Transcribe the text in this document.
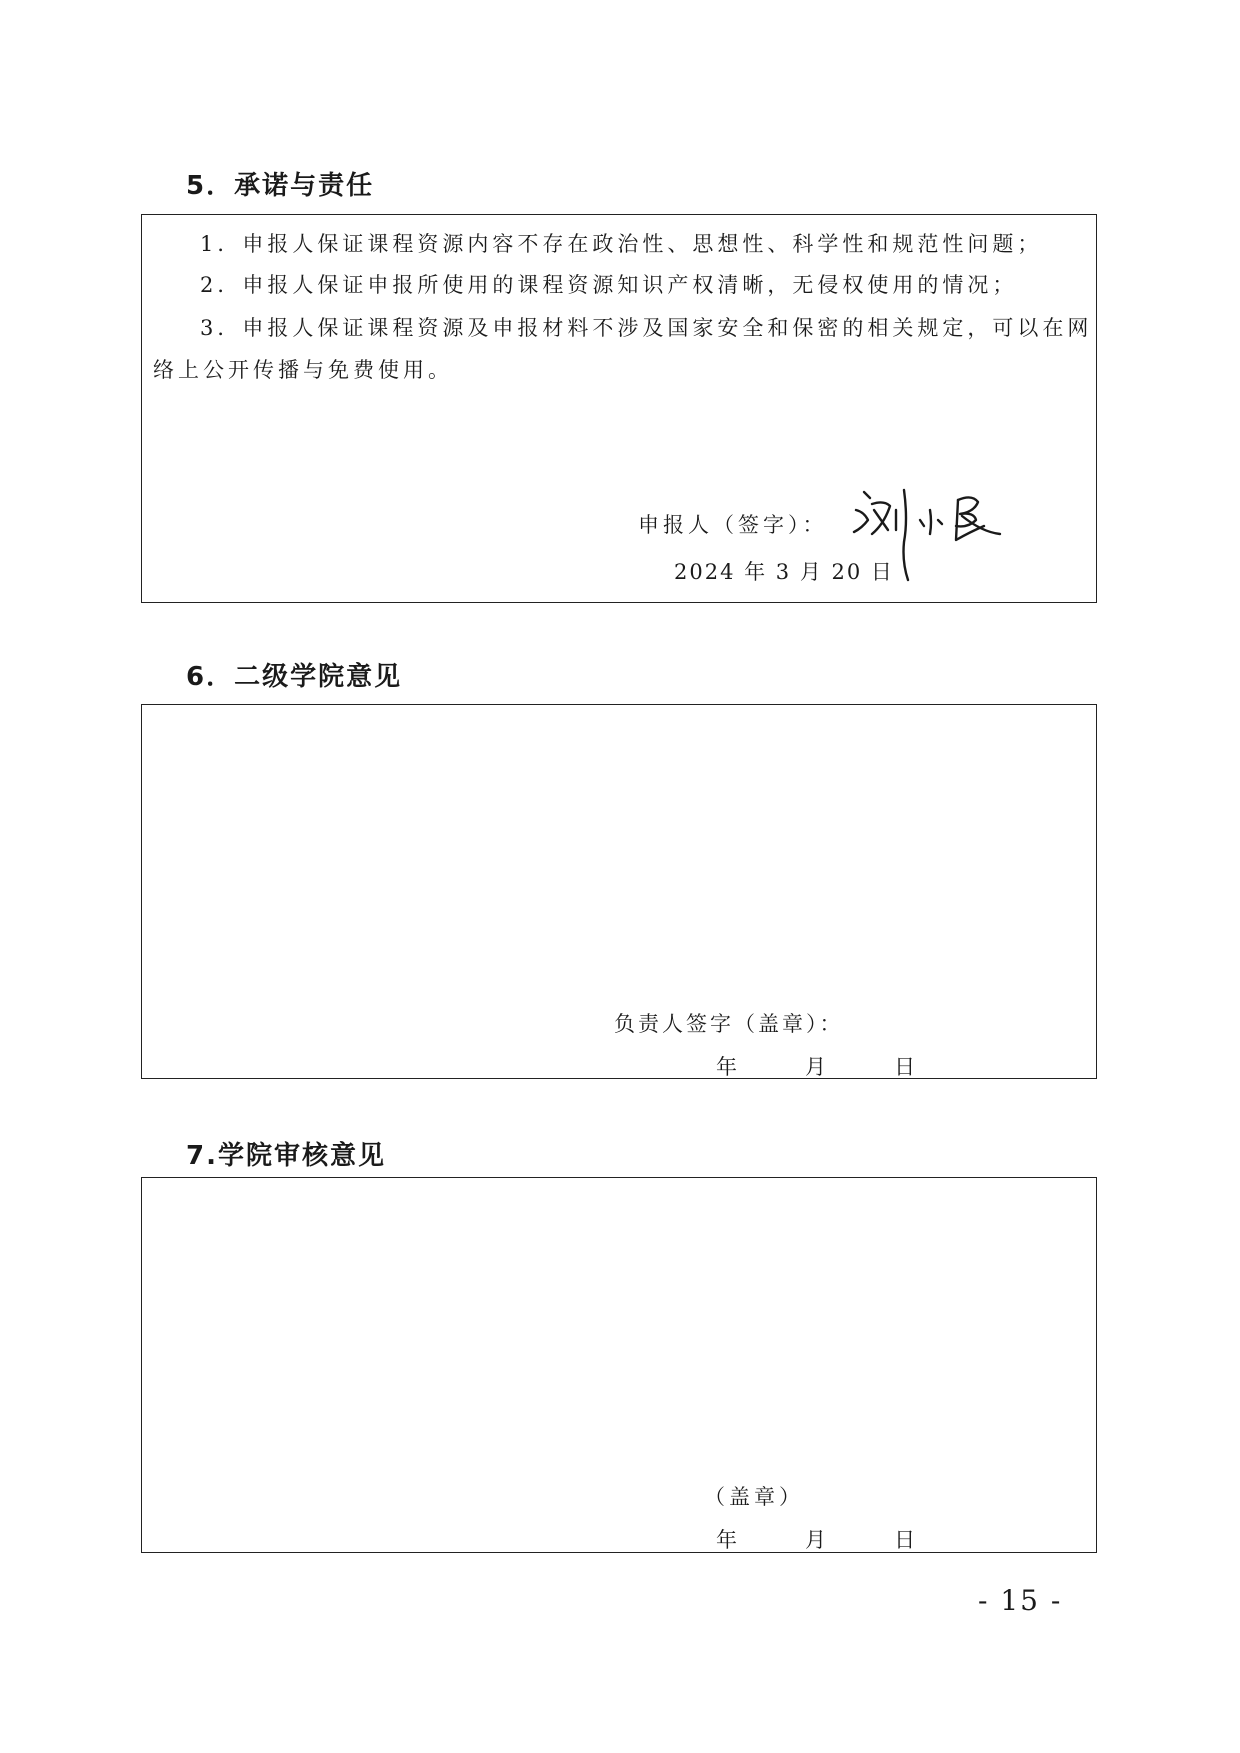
5．承诺与责任
1．申报人保证课程资源内容不存在政治性、思想性、科学性和规范性问题；
2．申报人保证申报所使用的课程资源知识产权清晰，无侵权使用的情况；
3．申报人保证课程资源及申报材料不涉及国家安全和保密的相关规定，可以在网
络上公开传播与免费使用。
申报人（签字）：
2024 年 3 月 20 日
6．二级学院意见
负责人签字（盖章）：
年      月      日
7.学院审核意见
（盖章）
年      月      日
- 15 -
